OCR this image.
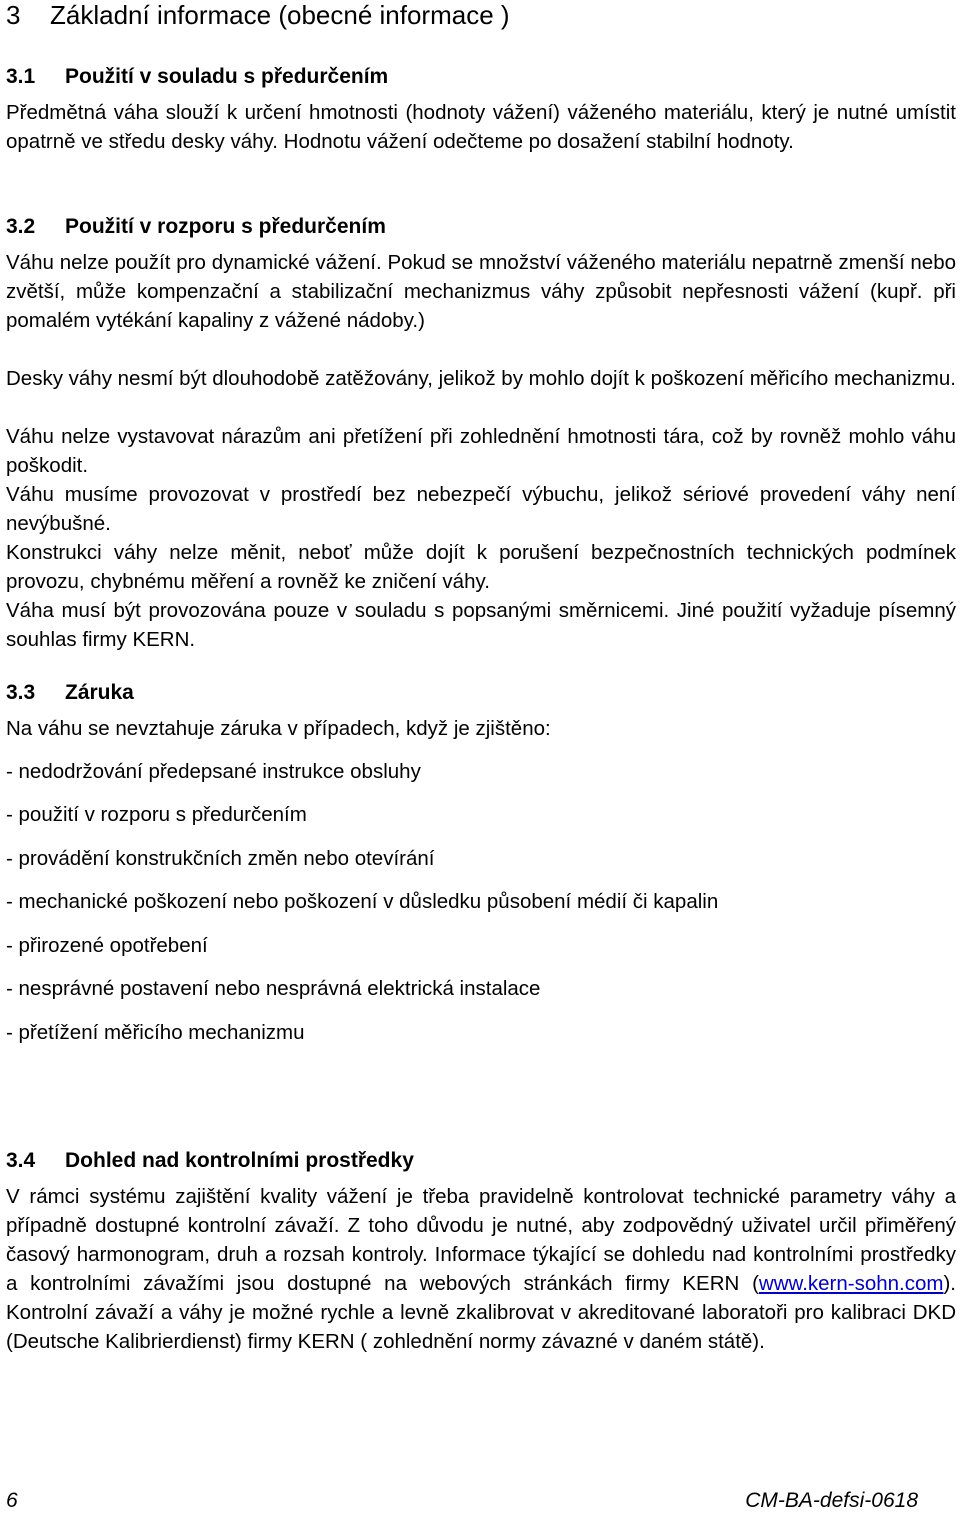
3 Základní informace (obecné informace )
3.1 Použití v souladu s předurčením
Předmětná váha slouží k určení hmotnosti (hodnoty vážení) váženého materiálu, který je nutné umístit opatrně ve středu desky váhy. Hodnotu vážení odečteme po dosažení stabilní hodnoty.
3.2 Použití v rozporu s předurčením
Váhu nelze použít pro dynamické vážení. Pokud se množství váženého materiálu nepatrně zmenší nebo zvětší, může kompenzační a stabilizační mechanizmus váhy způsobit nepřesnosti vážení (kupř. při pomalém vytékání kapaliny z vážené nádoby.)
Desky váhy nesmí být dlouhodobě zatěžovány, jelikož by mohlo dojít k poškození měřicího mechanizmu.
Váhu nelze vystavovat nárazům ani přetížení při zohlednění hmotnosti tára, což by rovněž mohlo váhu poškodit.
Váhu musíme provozovat v prostředí bez nebezpečí výbuchu, jelikož sériové provedení váhy není nevýbušné.
Konstrukci váhy nelze měnit, neboť může dojít k porušení bezpečnostních technických podmínek provozu, chybnému měření a rovněž ke zničení váhy.
Váha musí být provozována pouze v souladu s popsanými směrnicemi. Jiné použití vyžaduje písemný souhlas firmy KERN.
3.3 Záruka
Na váhu se nevztahuje záruka v případech, když je zjištěno:
- nedodržování předepsané instrukce obsluhy
- použití v rozporu s předurčením
- provádění konstrukčních změn nebo otevírání
- mechanické poškození nebo poškození v důsledku působení médií či kapalin
- přirozené opotřebení
- nesprávné postavení nebo nesprávná elektrická instalace
- přetížení měřicího mechanizmu
3.4 Dohled nad kontrolními prostředky
V rámci systému zajištění kvality vážení je třeba pravidelně kontrolovat technické parametry váhy a případně dostupné kontrolní závaží. Z toho důvodu je nutné, aby zodpovědný uživatel určil přiměřený časový harmonogram, druh a rozsah kontroly. Informace týkající se dohledu nad kontrolními prostředky a kontrolními závažími jsou dostupné na webových stránkách firmy KERN (www.kern-sohn.com). Kontrolní závaží a váhy je možné rychle a levně zkalibrovat v akreditované laboratoři pro kalibraci DKD (Deutsche Kalibrierdienst) firmy KERN ( zohlednění normy závazné v daném státě).
6	CM-BA-defsi-0618
